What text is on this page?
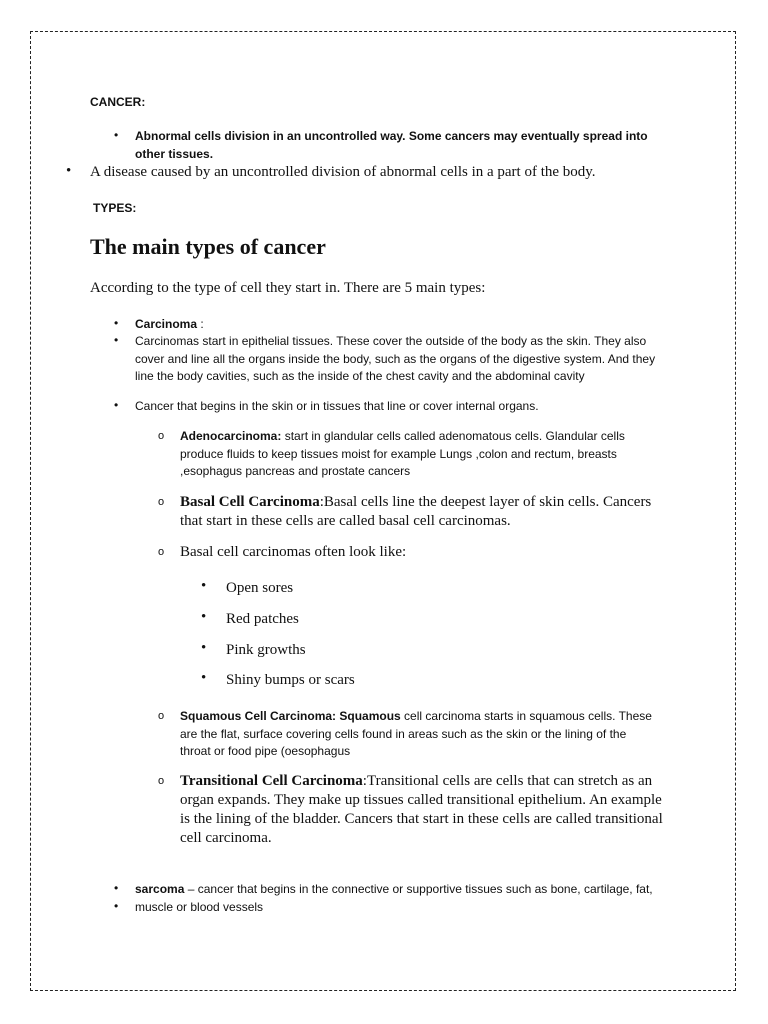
CANCER:

• Abnormal cells division in an uncontrolled way. Some cancers may eventually spread into other tissues.

• A disease caused by an uncontrolled division of abnormal cells in a part of the body.

TYPES:

The main types of cancer

According to the type of cell they start in. There are 5 main types:

• Carcinoma :

• Carcinomas start in epithelial tissues. These cover the outside of the body as the skin. They also cover and line all the organs inside the body, such as the organs of the digestive system. And they line the body cavities, such as the inside of the chest cavity and the abdominal cavity

• Cancer that begins in the skin or in tissues that line or cover internal organs.

o Adenocarcinoma: start in glandular cells called adenomatous cells. Glandular cells produce fluids to keep tissues moist for example Lungs ,colon and rectum, breasts ,esophagus pancreas and prostate cancers

o Basal Cell Carcinoma:Basal cells line the deepest layer of skin cells. Cancers that start in these cells are called basal cell carcinomas.

o Basal cell carcinomas often look like:

• Open sores

• Red patches

• Pink growths

• Shiny bumps or scars

o Squamous Cell Carcinoma: Squamous cell carcinoma starts in squamous cells. These are the flat, surface covering cells found in areas such as the skin or the lining of the throat or food pipe (oesophagus

o Transitional Cell Carcinoma:Transitional cells are cells that can stretch as an organ expands. They make up tissues called transitional epithelium. An example is the lining of the bladder. Cancers that start in these cells are called transitional cell carcinoma.

• sarcoma – cancer that begins in the connective or supportive tissues such as bone, cartilage, fat,

• muscle or blood vessels
